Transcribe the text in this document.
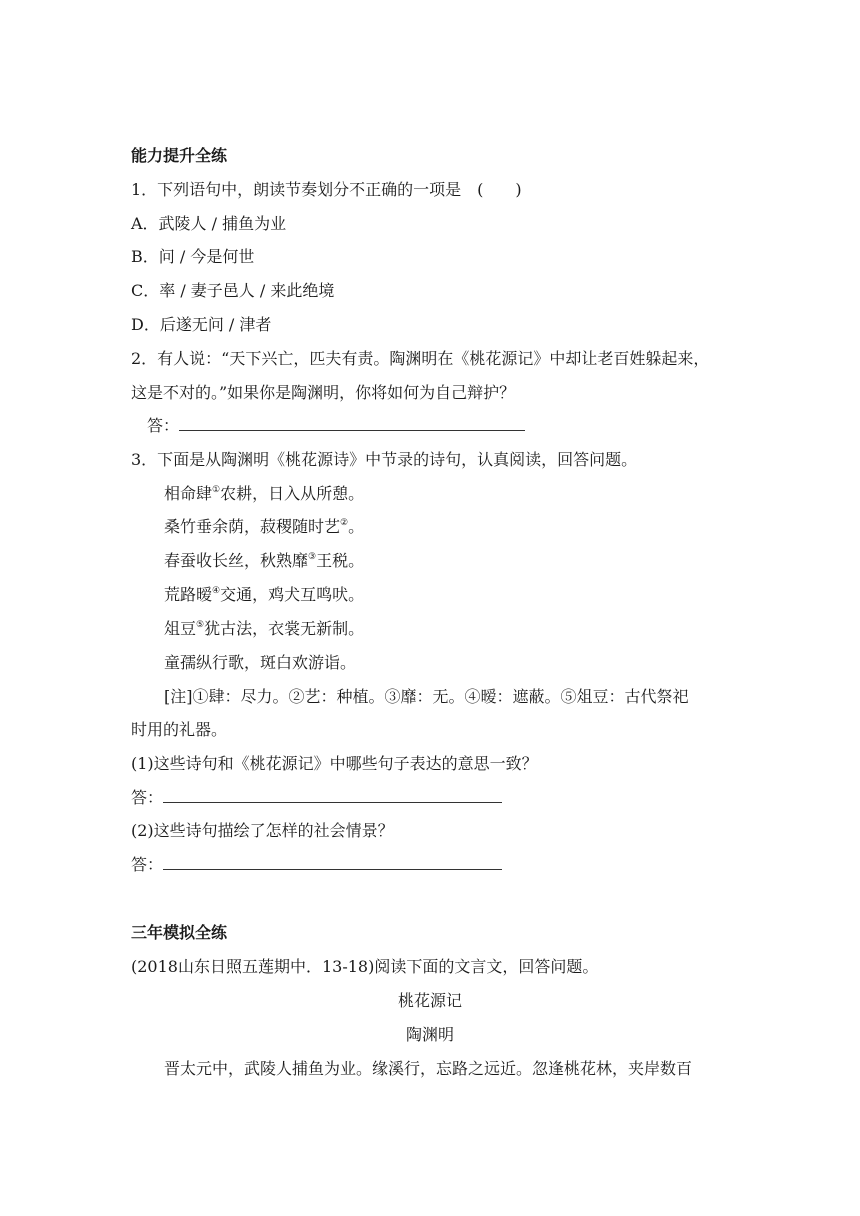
能力提升全练
1．下列语句中，朗读节奏划分不正确的一项是　(　　)
A．武陵人 / 捕鱼为业
B．问 / 今是何世
C．率 / 妻子邑人 / 来此绝境
D．后遂无问 / 津者
2．有人说：“天下兴亡，匹夫有责。陶渊明在《桃花源记》中却让老百姓躲起来，
这是不对的。”如果你是陶渊明，你将如何为自己辩护？
答：
3．下面是从陶渊明《桃花源诗》中节录的诗句，认真阅读，回答问题。
相命肆①农耕，日入从所憩。
桑竹垂余荫，菽稷随时艺②。
春蚕收长丝，秋熟靡③王税。
荒路暧④交通，鸡犬互鸣吠。
俎豆⑤犹古法，衣裳无新制。
童孺纵行歌，斑白欢游诣。
[注]①肆：尽力。②艺：种植。③靡：无。④暧：遮蔽。⑤俎豆：古代祭祀
时用的礼器。
(1)这些诗句和《桃花源记》中哪些句子表达的意思一致？
答：
(2)这些诗句描绘了怎样的社会情景？
答：
三年模拟全练
(2018山东日照五莲期中．13-18)阅读下面的文言文，回答问题。
桃花源记
陶渊明
晋太元中，武陵人捕鱼为业。缘溪行，忘路之远近。忽逢桃花林，夹岸数百
